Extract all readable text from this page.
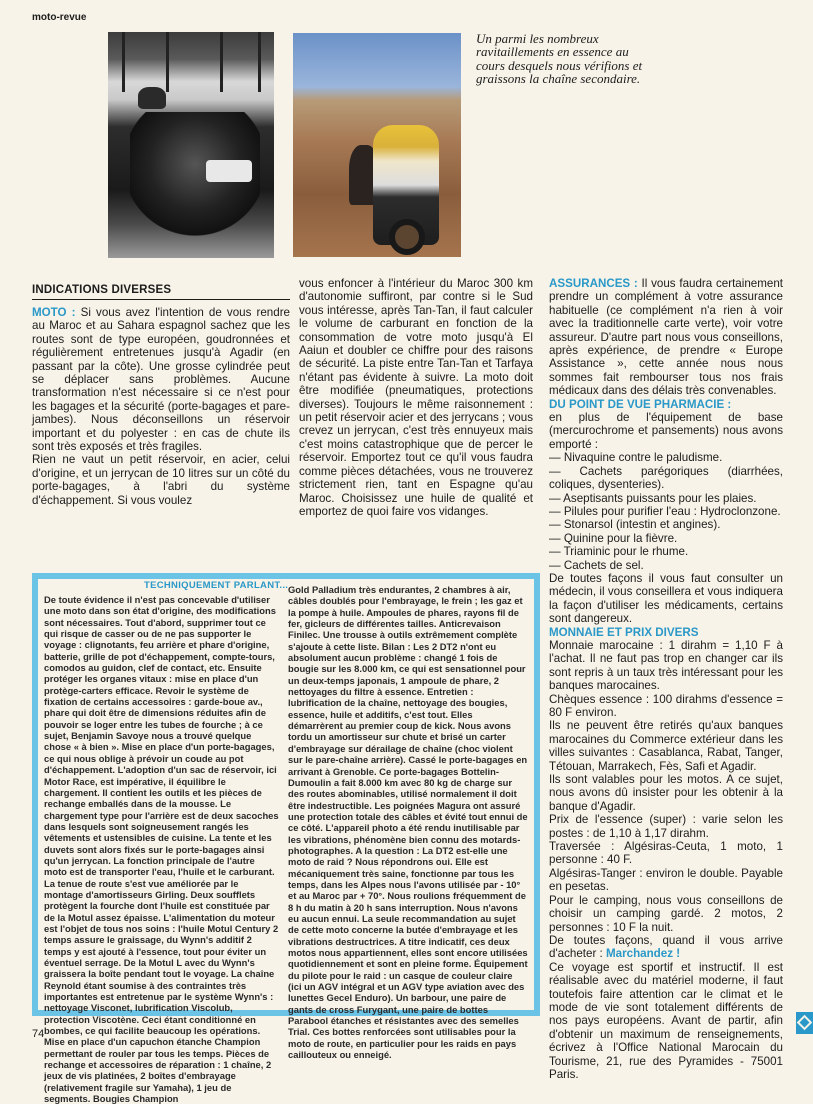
moto-revue
Un parmi les nombreux ravitaillements en essence au cours desquels nous vérifions et graissons la chaîne secondaire.
INDICATIONS DIVERSES

MOTO : Si vous avez l'intention de vous rendre au Maroc et au Sahara espagnol sachez que les routes sont de type européen, goudronnées et régulièrement entretenues jusqu'à Agadir (en passant par la côte). Une grosse cylindrée peut se déplacer sans problèmes. Aucune transformation n'est nécessaire si ce n'est pour les bagages et la sécurité (porte-bagages et pare-jambes). Nous déconseillons un réservoir important et du polyester : en cas de chute ils sont très exposés et très fragiles.

Rien ne vaut un petit réservoir, en acier, celui d'origine, et un jerrycan de 10 litres sur un côté du porte-bagages, à l'abri du système d'échappement. Si vous voulez

vous enfoncer à l'intérieur du Maroc 300 km d'autonomie suffiront, par contre si le Sud vous intéresse, après Tan-Tan, il faut calculer le volume de carburant en fonction de la consommation de votre moto jusqu'à El Aaiun et doubler ce chiffre pour des raisons de sécurité. La piste entre Tan-Tan et Tarfaya n'étant pas évidente à suivre. La moto doit être modifiée (pneumatiques, protections diverses). Toujours le même raisonnement : un petit réservoir acier et des jerrycans ; vous crevez un jerrycan, c'est très ennuyeux mais c'est moins catastrophique que de percer le réservoir. Emportez tout ce qu'il vous faudra comme pièces détachées, vous ne trouverez strictement rien, tant en Espagne qu'au Maroc. Choisissez une huile de qualité et emportez de quoi faire vos vidanges.

ASSURANCES : Il vous faudra certainement prendre un complément à votre assurance habituelle (ce complément n'a rien à voir avec la traditionnelle carte verte), voir votre assureur. D'autre part nous vous conseillons, après expérience, de prendre « Europe Assistance », cette année nous nous sommes fait rembourser tous nos frais médicaux dans des délais très convenables.

DU POINT DE VUE PHARMACIE :

en plus de l'équipement de base (mercurochrome et pansements) nous avons emporté :

— Nivaquine contre le paludisme.
— Cachets parégoriques (diarrhées, coliques, dysenteries).
— Aseptisants puissants pour les plaies.
— Pilules pour purifier l'eau : Hydroclonzone.
— Stonarsol (intestin et angines).
— Quinine pour la fièvre.
— Triaminic pour le rhume.
— Cachets de sel.

De toutes façons il vous faut consulter un médecin, il vous conseillera et vous indiquera la façon d'utiliser les médicaments, certains sont dangereux.

MONNAIE ET PRIX DIVERS

Monnaie marocaine : 1 dirahm = 1,10 F à l'achat. Il ne faut pas trop en changer car ils sont repris à un taux très intéressant pour les banques marocaines.

Chèques essence : 100 dirahms d'essence = 80 F environ.

Ils ne peuvent être retirés qu'aux banques marocaines du Commerce extérieur dans les villes suivantes : Casablanca, Rabat, Tanger, Tétouan, Marrakech, Fès, Safi et Agadir.

Ils sont valables pour les motos. A ce sujet, nous avons dû insister pour les obtenir à la banque d'Agadir.

Prix de l'essence (super) : varie selon les postes : de 1,10 à 1,17 dirahm.

Traversée : Algésiras-Ceuta, 1 moto, 1 personne : 40 F.

Algésiras-Tanger : environ le double. Payable en pesetas.

Pour le camping, nous vous conseillons de choisir un camping gardé. 2 motos, 2 personnes : 10 F la nuit.

De toutes façons, quand il vous arrive d'acheter : Marchandez !

Ce voyage est sportif et instructif. Il est réalisable avec du matériel moderne, il faut toutefois faire attention car le climat et le mode de vie sont totalement différents de nos pays européens. Avant de partir, afin d'obtenir un maximum de renseignements, écrivez à l'Office National Marocain du Tourisme, 21, rue des Pyramides - 75001 Paris.

TECHNIQUEMENT PARLANT...
De toute évidence il n'est pas concevable d'utiliser une moto dans son état d'origine, des modifications sont nécessaires. Tout d'abord, supprimer tout ce qui risque de casser ou de ne pas supporter le voyage : clignotants, feu arrière et phare d'origine, batterie, grille de pot d'échappement, compte-tours, comodos au guidon, clef de contact, etc. Ensuite protéger les organes vitaux : mise en place d'un protège-carters efficace. Revoir le système de fixation de certains accessoires : garde-boue av., phare qui doit être de dimensions réduites afin de pouvoir se loger entre les tubes de fourche ; à ce sujet, Benjamin Savoye nous a trouvé quelque chose « à bien ». Mise en place d'un porte-bagages, ce qui nous oblige à prévoir un coude au pot d'échappement. L'adoption d'un sac de réservoir, ici Motor Race, est impérative, il équilibre le chargement. Il contient les outils et les pièces de rechange emballés dans de la mousse. Le chargement type pour l'arrière est de deux sacoches dans lesquels sont soigneusement rangés les vêtements et ustensibles de cuisine. La tente et les duvets sont alors fixés sur le porte-bagages ainsi qu'un jerrycan. La fonction principale de l'autre moto est de transporter l'eau, l'huile et le carburant. La tenue de route s'est vue améliorée par le montage d'amortisseurs Girling. Deux soufflets protègent la fourche dont l'huile est constituée par de la Motul assez épaisse. L'alimentation du moteur est l'objet de tous nos soins : l'huile Motul Century 2 temps assure le graissage, du Wynn's additif 2 temps y est ajouté à l'essence, tout pour éviter un éventuel serrage. De la Motul L avec du Wynn's graissera la boîte pendant tout le voyage. La chaîne Reynold étant soumise à des contraintes très importantes est entretenue par le système Wynn's : nettoyage Visconet, lubrification Viscolub, protection Viscotène. Ceci étant conditionné en bombes, ce qui facilite beaucoup les opérations. Mise en place d'un capuchon étanche Champion permettant de rouler par tous les temps. Pièces de rechange et accessoires de réparation : 1 chaîne, 2 jeux de vis platinées, 2 boîtes d'embrayage (relativement fragile sur Yamaha), 1 jeu de segments. Bougies Champion
Gold Palladium très endurantes, 2 chambres à air, câbles doublés pour l'embrayage, le frein ; les gaz et la pompe à huile. Ampoules de phares, rayons fil de fer, gicleurs de différentes tailles. Anticrevaison Finilec. Une trousse à outils extrêmement complète s'ajoute à cette liste. Bilan : Les 2 DT2 n'ont eu absolument aucun problème : changé 1 fois de bougie sur les 8.000 km, ce qui est sensationnel pour un deux-temps japonais, 1 ampoule de phare, 2 nettoyages du filtre à essence. Entretien : lubrification de la chaîne, nettoyage des bougies, essence, huile et additifs, c'est tout. Elles démarrèrent au premier coup de kick. Nous avons tordu un amortisseur sur chute et brisé un carter d'embrayage sur dérailage de chaîne (choc violent sur le pare-chaîne arrière). Cassé le porte-bagages en arrivant à Grenoble. Ce porte-bagages Bottelin-Dumoulin a fait 8.000 km avec 80 kg de charge sur des routes abominables, utilisé normalement il doit être indestructible. Les poignées Magura ont assuré une protection totale des câbles et évité tout ennui de ce côté. L'appareil photo a été rendu inutilisable par les vibrations, phénomène bien connu des motards-photographes. A la question : La DT2 est-elle une moto de raid ? Nous répondrons oui. Elle est mécaniquement très saine, fonctionne par tous les temps, dans les Alpes nous l'avons utilisée par - 10° et au Maroc par + 70°. Nous roulions fréquemment de 8 h du matin à 20 h sans interruption. Nous n'avons eu aucun ennui. La seule recommandation au sujet de cette moto concerne la butée d'embrayage et les vibrations destructrices. A titre indicatif, ces deux motos nous appartiennent, elles sont encore utilisées quotidiennement et sont en pleine forme. Équipement du pilote pour le raid : un casque de couleur claire (ici un AGV intégral et un AGV type aviation avec des lunettes Gecel Enduro). Un barbour, une paire de gants de cross Furygant, une paire de bottes Parabool étanches et résistantes avec des semelles Trial. Ces bottes renforcées sont utilisables pour la moto de route, en particulier pour les raids en pays caillouteux ou enneigé.
74
